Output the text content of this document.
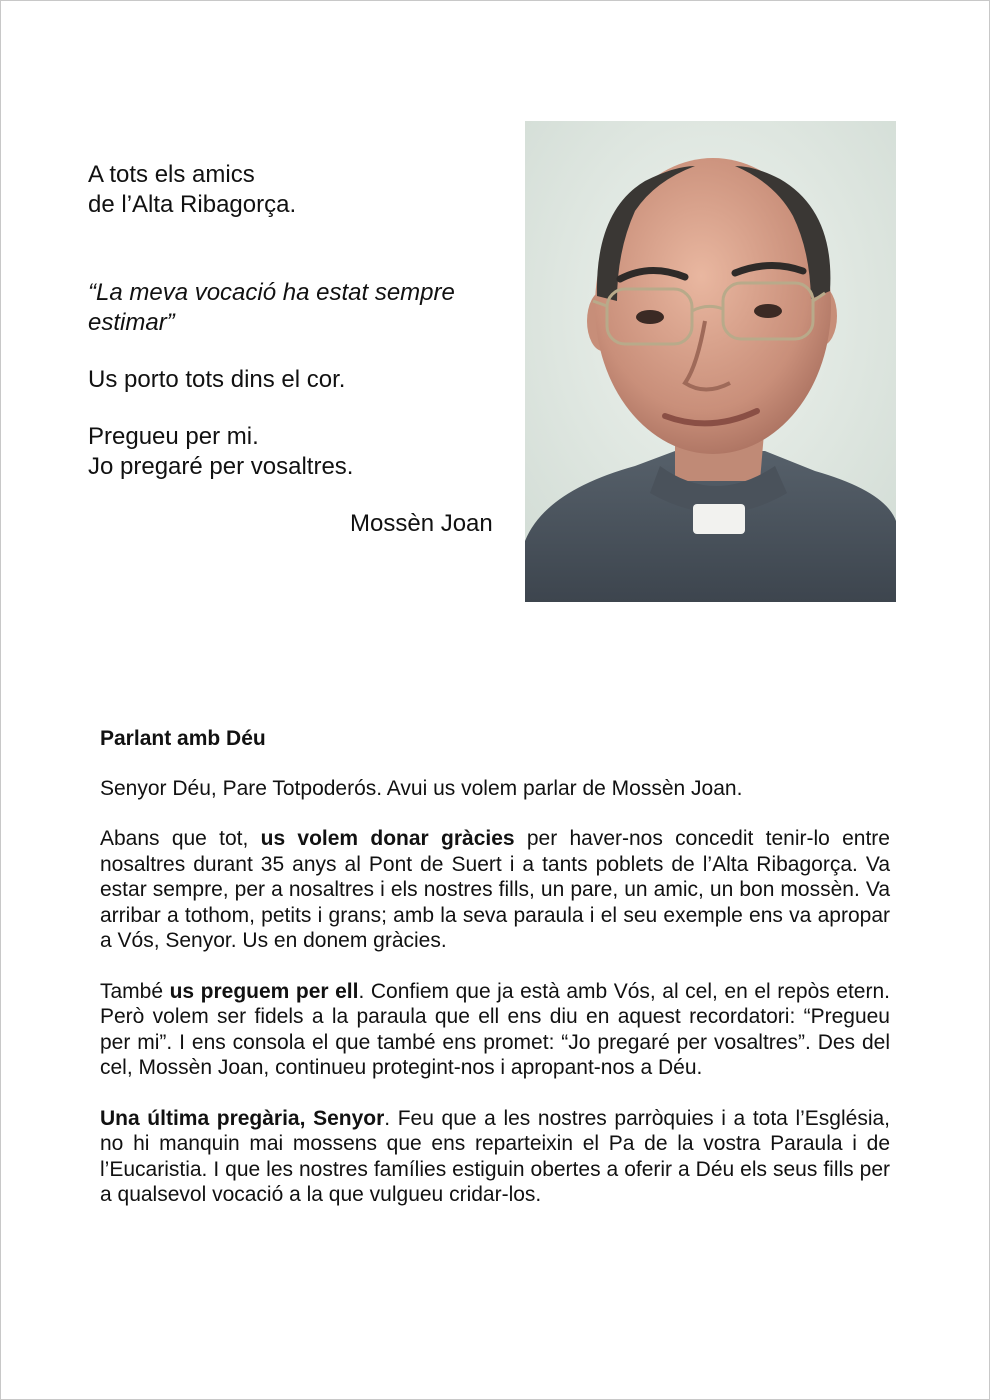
A tots els amics
de l’Alta Ribagorça.

“La meva vocació ha estat sempre estimar”

Us porto tots dins el cor.

Pregueu per mi.
Jo pregaré per vosaltres.

Mossèn Joan

Parlant amb Déu

Senyor Déu, Pare Totpoderós. Avui us volem parlar de Mossèn Joan.

Abans que tot, us volem donar gràcies per haver-nos concedit tenir-lo entre nosaltres durant 35 anys al Pont de Suert i a tants poblets de l’Alta Ribagorça. Va estar sempre, per a nosaltres i els nostres fills, un pare, un amic, un bon mossèn. Va arribar a tothom, petits i grans; amb la seva paraula i el seu exemple ens va apropar a Vós, Senyor. Us en donem gràcies.

També us preguem per ell. Confiem que ja està amb Vós, al cel, en el repòs etern. Però volem ser fidels a la paraula que ell ens diu en aquest recordatori: “Pregueu per mi”. I ens consola el que també ens promet: “Jo pregaré per vosaltres”. Des del cel, Mossèn Joan, continueu protegint-nos i apropant-nos a Déu.

Una última pregària, Senyor. Feu que a les nostres parròquies i a tota l’Església, no hi manquin mai mossens que ens reparteixin el Pa de la vostra Paraula i de l’Eucaristia. I que les nostres famílies estiguin obertes a oferir a Déu els seus fills per a qualsevol vocació a la que vulgueu cridar-los.
